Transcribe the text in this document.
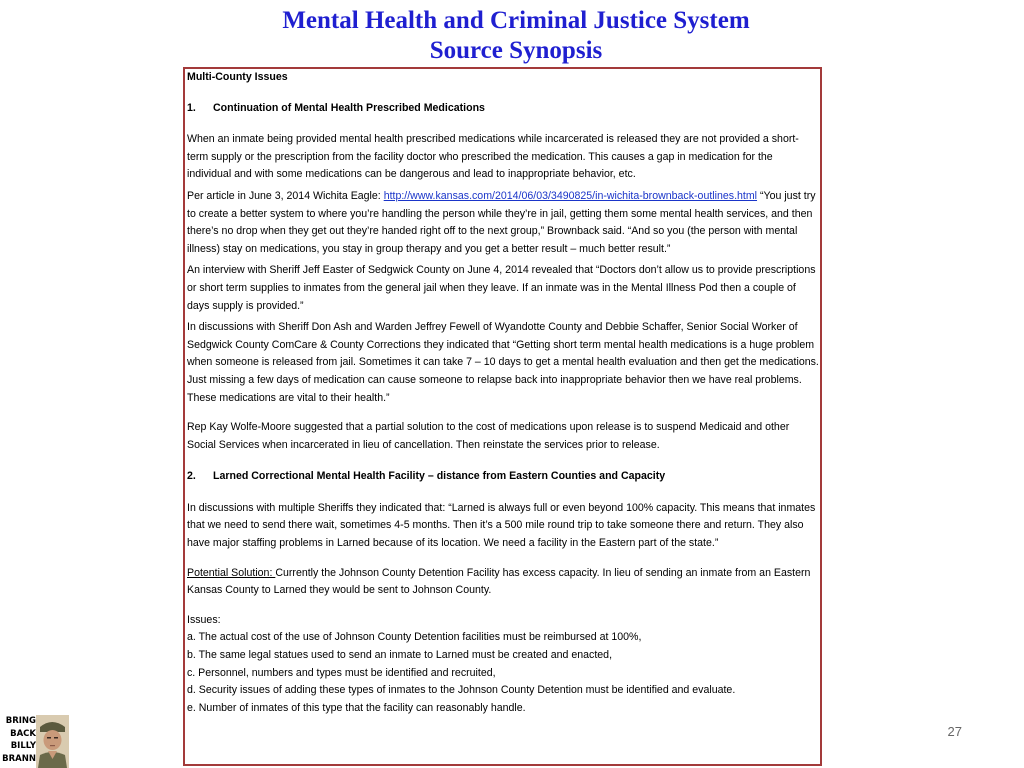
Mental Health and Criminal Justice System
Source Synopsis

Multi-County Issues

1. Continuation of Mental Health Prescribed Medications

When an inmate being provided mental health prescribed medications while incarcerated is released they are not provided a short-term supply or the prescription from the facility doctor who prescribed the medication. This causes a gap in medication for the individual and with some medications can be dangerous and lead to inappropriate behavior, etc.

Per article in June 3, 2014 Wichita Eagle: http://www.kansas.com/2014/06/03/3490825/in-wichita-brownback-outlines.html “You just try to create a better system to where you’re handling the person while they’re in jail, getting them some mental health services, and then there’s no drop when they get out they’re handed right off to the next group,” Brownback said. “And so you (the person with mental illness) stay on medications, you stay in group therapy and you get a better result – much better result.”

An interview with Sheriff Jeff Easter of Sedgwick County on June 4, 2014 revealed that “Doctors don’t allow us to provide prescriptions or short term supplies to inmates from the general jail when they leave. If an inmate was in the Mental Illness Pod then a couple of days supply is provided.”

In discussions with Sheriff Don Ash and Warden Jeffrey Fewell of Wyandotte County and Debbie Schaffer, Senior Social Worker of Sedgwick County ComCare & County Corrections they indicated that “Getting short term mental health medications is a huge problem when someone is released from jail. Sometimes it can take 7 – 10 days to get a mental health evaluation and then get the medications. Just missing a few days of medication can cause someone to relapse back into inappropriate behavior then we have real problems. These medications are vital to their health.”

Rep Kay Wolfe-Moore suggested that a partial solution to the cost of medications upon release is to suspend Medicaid and other Social Services when incarcerated in lieu of cancellation. Then reinstate the services prior to release.

2. Larned Correctional Mental Health Facility – distance from Eastern Counties and Capacity

In discussions with multiple Sheriffs they indicated that: “Larned is always full or even beyond 100% capacity. This means that inmates that we need to send there wait, sometimes 4-5 months. Then it’s a 500 mile round trip to take someone there and return. They also have major staffing problems in Larned because of its location. We need a facility in the Eastern part of the state.”

Potential Solution: Currently the Johnson County Detention Facility has excess capacity. In lieu of sending an inmate from an Eastern Kansas County to Larned they would be sent to Johnson County.

Issues:

a. The actual cost of the use of Johnson County Detention facilities must be reimbursed at 100%,

b. The same legal statues used to send an inmate to Larned must be created and enacted,

c. Personnel, numbers and types must be identified and recruited,

d. Security issues of adding these types of inmates to the Johnson County Detention must be identified and evaluate.

e. Number of inmates of this type that the facility can reasonably handle.

27
BRING
BACK
BILLY
BRANN
